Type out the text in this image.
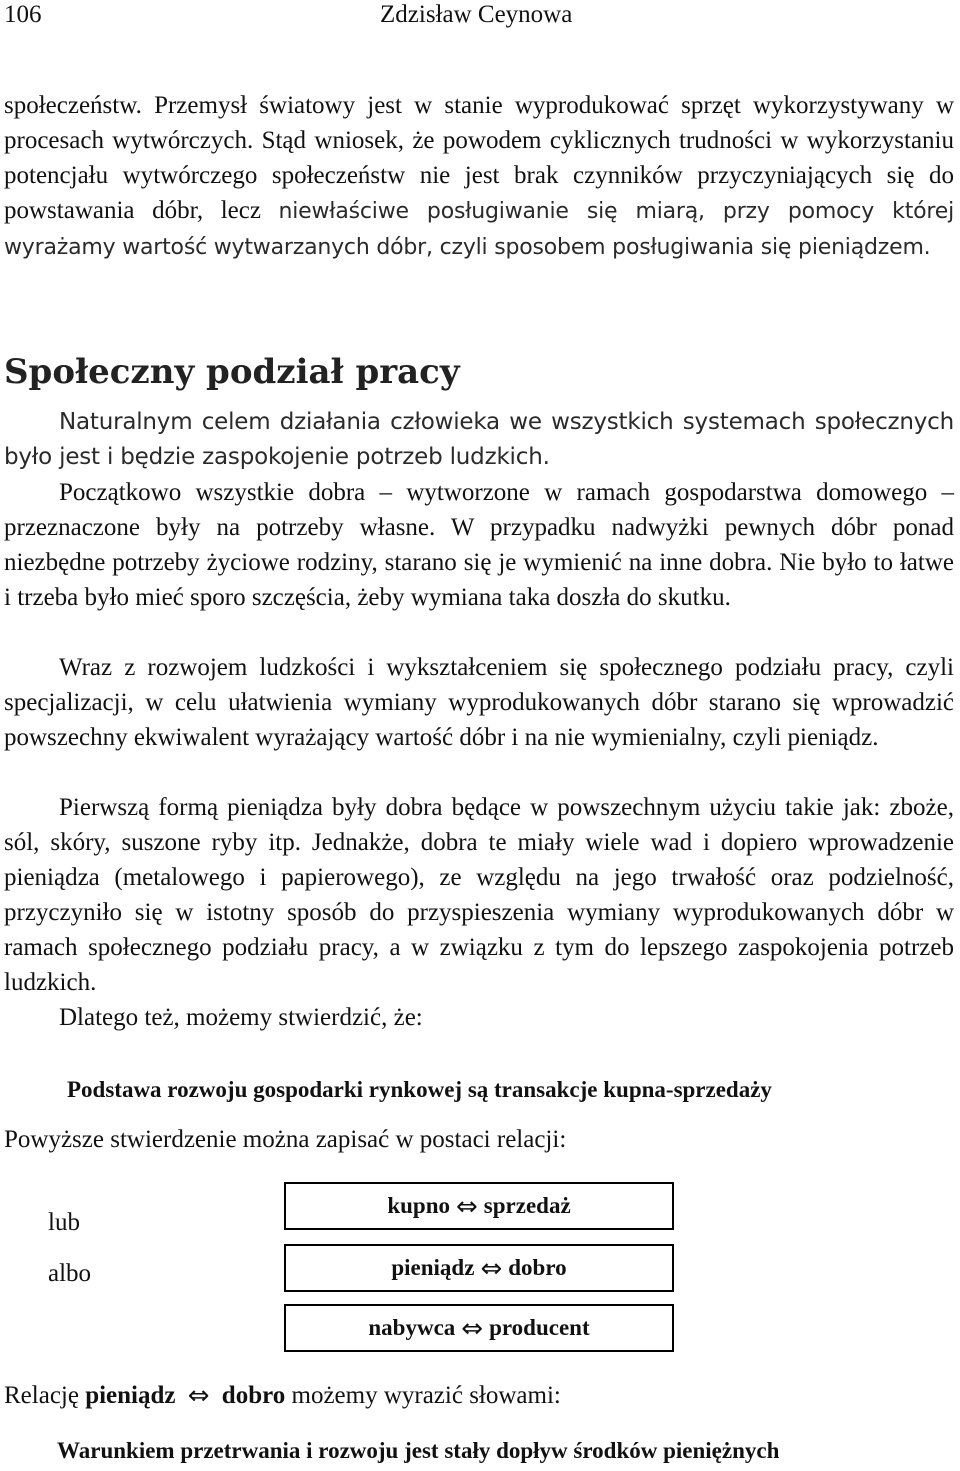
106	Zdzisław Ceynowa

społeczeństw. Przemysł światowy jest w stanie wyprodukować sprzęt wykorzystywany w procesach wytwórczych. Stąd wniosek, że powodem cyklicznych trudności w wykorzystaniu potencjału wytwórczego społeczeństw nie jest brak czynników przyczyniających się do powstawania dóbr, lecz niewłaściwe posługiwanie się miarą, przy pomocy której wyrażamy wartość wytwarzanych dóbr, czyli sposobem posługiwania się pieniądzem.

Społeczny podział pracy

Naturalnym celem działania człowieka we wszystkich systemach społecznych było jest i będzie zaspokojenie potrzeb ludzkich.

Początkowo wszystkie dobra – wytworzone w ramach gospodarstwa domowego – przeznaczone były na potrzeby własne. W przypadku nadwyżki pewnych dóbr ponad niezbędne potrzeby życiowe rodziny, starano się je wymienić na inne dobra. Nie było to łatwe i trzeba było mieć sporo szczęścia, żeby wymiana taka doszła do skutku.

Wraz z rozwojem ludzkości i wykształceniem się społecznego podziału pracy, czyli specjalizacji, w celu ułatwienia wymiany wyprodukowanych dóbr starano się wprowadzić powszechny ekwiwalent wyrażający wartość dóbr i na nie wymienialny, czyli pieniądz.

Pierwszą formą pieniądza były dobra będące w powszechnym użyciu takie jak: zboże, sól, skóry, suszone ryby itp. Jednakże, dobra te miały wiele wad i dopiero wprowadzenie pieniądza (metalowego i papierowego), ze względu na jego trwałość oraz podzielność, przyczyniło się w istotny sposób do przyspieszenia wymiany wyprodukowanych dóbr w ramach społecznego podziału pracy, a w związku z tym do lepszego zaspokojenia potrzeb ludzkich.

Dlatego też, możemy stwierdzić, że:

Podstawa rozwoju gospodarki rynkowej są transakcje kupna-sprzedaży
Powyższe stwierdzenie można zapisać w postaci relacji:
lub
albo
kupno ⇔ sprzedaż
pieniądz ⇔ dobro
nabywca ⇔ producent
Relację pieniądz ⇔ dobro możemy wyrazić słowami:
Warunkiem przetrwania i rozwoju jest stały dopływ środków pieniężnych
